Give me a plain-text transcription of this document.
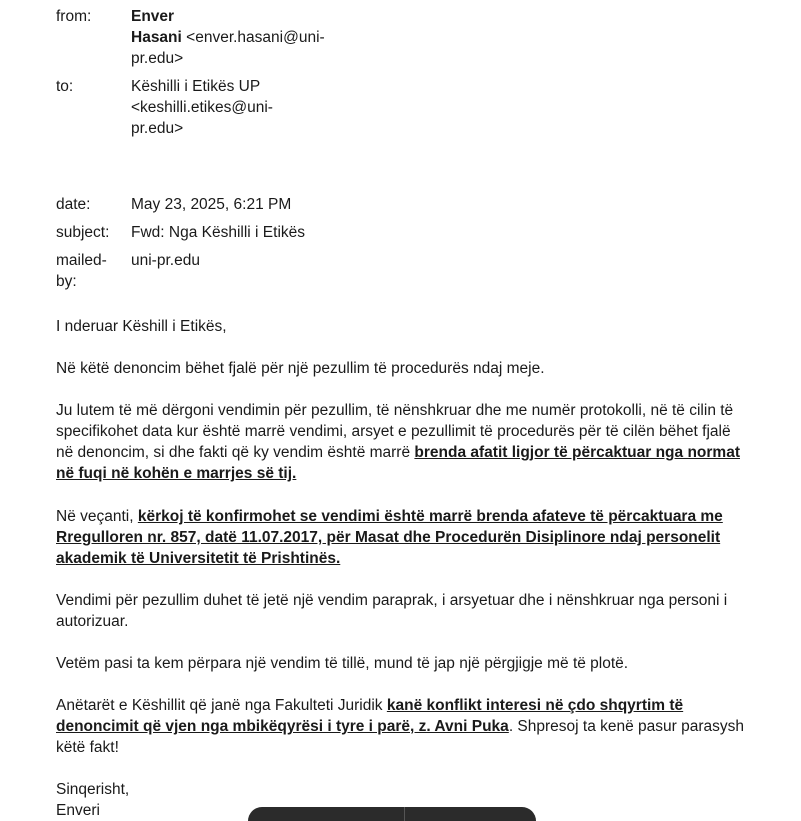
from:	Enver
Hasani <enver.hasani@uni-
pr.edu>
to:	Këshilli i Etikës UP
<keshilli.etikes@uni-
pr.edu>
date:	May 23, 2025, 6:21 PM
subject:	Fwd: Nga Këshilli i Etikës
mailed-
by:
uni-pr.edu

I nderuar Këshill i Etikës,

Në këtë denoncim bëhet fjalë për një pezullim të procedurës ndaj meje.

Ju lutem të më dërgoni vendimin për pezullim, të nënshkruar dhe me numër protokolli, në të cilin të specifikohet data kur është marrë vendimi, arsyet e pezullimit të procedurës për të cilën bëhet fjalë në denoncim, si dhe fakti që ky vendim është marrë brenda afatit ligjor të përcaktuar nga normat në fuqi në kohën e marrjes së tij.

Në veçanti, kërkoj të konfirmohet se vendimi është marrë brenda afateve të përcaktuara me Rregulloren nr. 857, datë 11.07.2017, për Masat dhe Procedurën Disiplinore ndaj personelit akademik të Universitetit të Prishtinës.

Vendimi për pezullim duhet të jetë një vendim paraprak, i arsyetuar dhe i nënshkruar nga personi i autorizuar.

Vetëm pasi ta kem përpara një vendim të tillë, mund të jap një përgjigje më të plotë.

Anëtarët e Këshillit që janë nga Fakulteti Juridik kanë konflikt interesi në çdo shqyrtim të denoncimit që vjen nga mbikëqyrësi i tyre i parë, z. Avni Puka. Shpresoj ta kenë pasur parasysh këtë fakt!

Sinqerisht,
Enveri
